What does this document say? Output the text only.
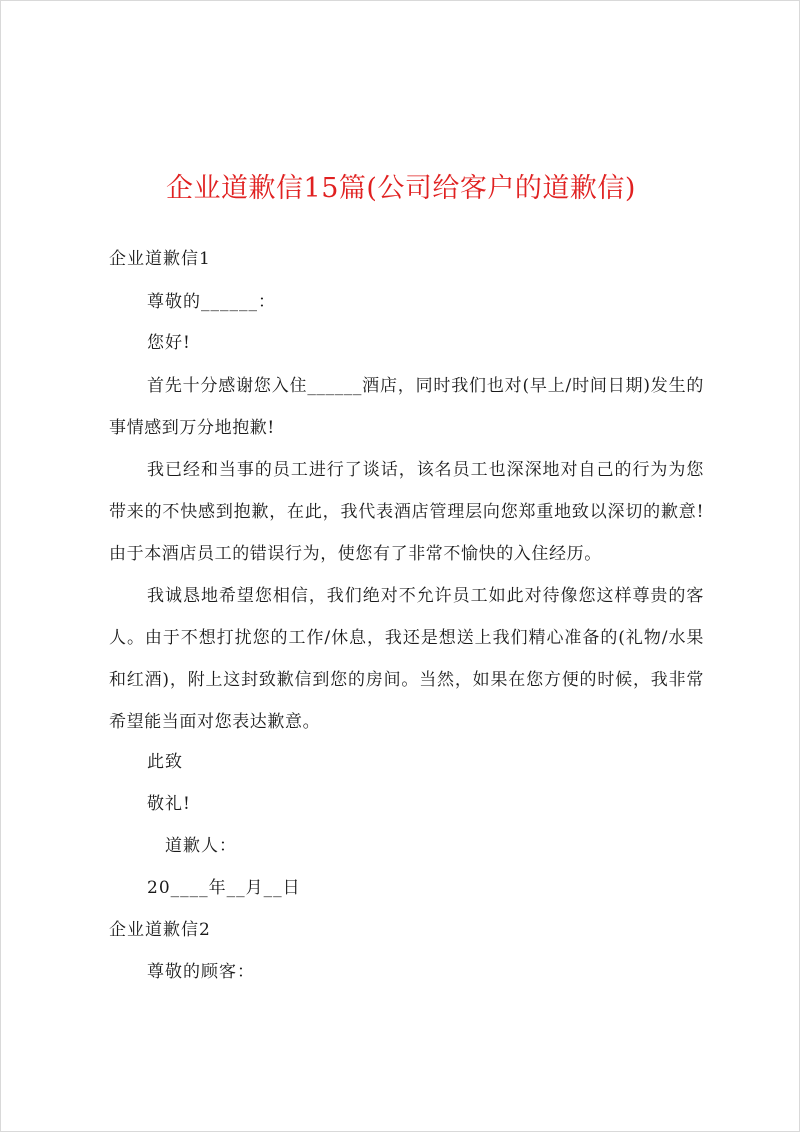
企业道歉信15篇(公司给客户的道歉信)
企业道歉信1
尊敬的______：
您好!
首先十分感谢您入住______酒店，同时我们也对(早上/时间日期)发生的事情感到万分地抱歉!
我已经和当事的员工进行了谈话，该名员工也深深地对自己的行为为您带来的不快感到抱歉，在此，我代表酒店管理层向您郑重地致以深切的歉意!由于本酒店员工的错误行为，使您有了非常不愉快的入住经历。
我诚恳地希望您相信，我们绝对不允许员工如此对待像您这样尊贵的客人。由于不想打扰您的工作/休息，我还是想送上我们精心准备的(礼物/水果和红酒)，附上这封致歉信到您的房间。当然，如果在您方便的时候，我非常希望能当面对您表达歉意。
此致
敬礼!
道歉人：
20____年__月__日
企业道歉信2
尊敬的顾客：
